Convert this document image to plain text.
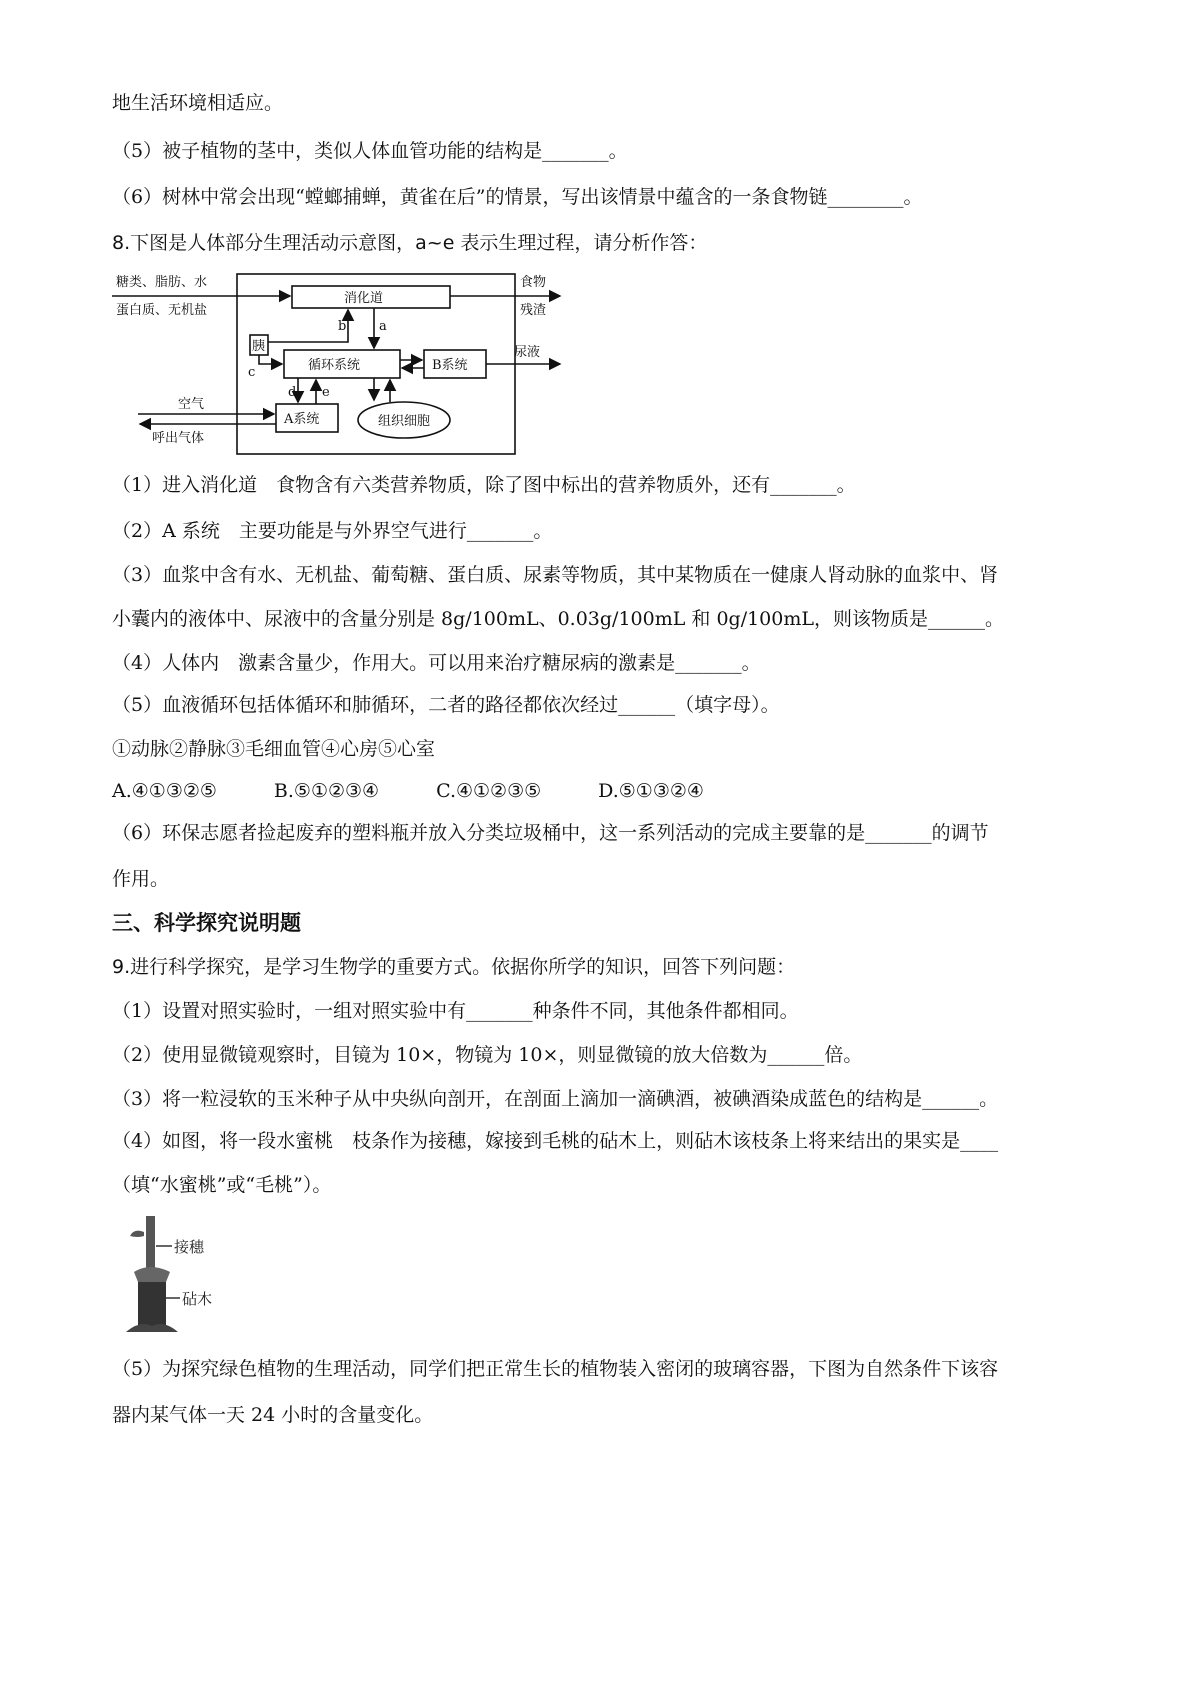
地生活环境相适应。
（5）被子植物的茎中，类似人体血管功能的结构是_______。
（6）树林中常会出现“螳螂捕蝉，黄雀在后”的情景，写出该情景中蕴含的一条食物链________。
8.下图是人体部分生理活动示意图，a~e 表示生理过程，请分析作答：
糖类、脂肪、水
蛋白质、无机盐
消化道
食物
残渣
胰
循环系统	B系统
尿液
空气
呼出气体
A系统	组织细胞
a
b
c
d e
（1）进入消化道　食物含有六类营养物质，除了图中标出的营养物质外，还有_______。
（2）A 系统　主要功能是与外界空气进行_______。
（3）血浆中含有水、无机盐、葡萄糖、蛋白质、尿素等物质，其中某物质在一健康人肾动脉的血浆中、肾
小囊内的液体中、尿液中的含量分别是 8g/100mL、0.03g/100mL 和 0g/100mL，则该物质是______。
（4）人体内　激素含量少，作用大。可以用来治疗糖尿病的激素是_______。
（5）血液循环包括体循环和肺循环，二者的路径都依次经过______（填字母）。
①动脉②静脉③毛细血管④心房⑤心室
A.④①③②⑤　　　B.⑤①②③④　　　C.④①②③⑤　　　D.⑤①③②④
（6）环保志愿者捡起废弃的塑料瓶并放入分类垃圾桶中，这一系列活动的完成主要靠的是_______的调节
作用。
三、科学探究说明题
9.进行科学探究，是学习生物学的重要方式。依据你所学的知识，回答下列问题：
（1）设置对照实验时，一组对照实验中有_______种条件不同，其他条件都相同。
（2）使用显微镜观察时，目镜为 10×，物镜为 10×，则显微镜的放大倍数为______倍。
（3）将一粒浸软的玉米种子从中央纵向剖开，在剖面上滴加一滴碘酒，被碘酒染成蓝色的结构是______。
（4）如图，将一段水蜜桃　枝条作为接穗，嫁接到毛桃的砧木上，则砧木该枝条上将来结出的果实是____
（填“水蜜桃”或“毛桃”）。
接穗
砧木
（5）为探究绿色植物的生理活动，同学们把正常生长的植物装入密闭的玻璃容器，下图为自然条件下该容
器内某气体一天 24 小时的含量变化。
